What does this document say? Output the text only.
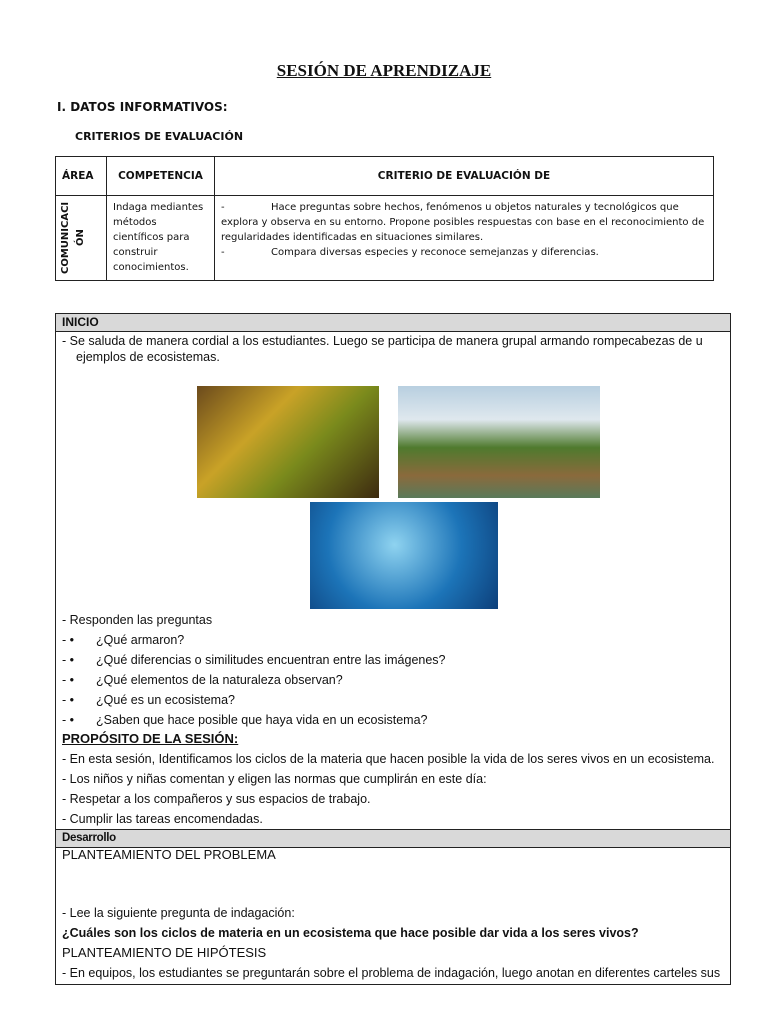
SESIÓN DE APRENDIZAJE
I. DATOS INFORMATIVOS:
CRITERIOS DE EVALUACIÓN
ÁREA	COMPETENCIA	CRITERIO DE EVALUACIÓN DE

COMUNICACIÓN	Indaga mediantes métodos científicos para construir conocimientos.	- Hace preguntas sobre hechos, fenómenos u objetos naturales y tecnológicos que explora y observa en su entorno. Propone posibles respuestas con base en el reconocimiento de regularidades identificadas en situaciones similares.
- Compara diversas especies y reconoce semejanzas y diferencias.
INICIO
- Se saluda de manera cordial a los estudiantes. Luego se participa de manera grupal armando rompecabezas de u ejemplos de ecosistemas.
- Responden las preguntas
- • ¿Qué armaron?
- • ¿Qué diferencias o similitudes encuentran entre las imágenes?
- • ¿Qué elementos de la naturaleza observan?
- • ¿Qué es un ecosistema?
- • ¿Saben que hace posible que haya vida en un ecosistema?
PROPÓSITO DE LA SESIÓN:
- En esta sesión, Identificamos los ciclos de la materia que hacen posible la vida de los seres vivos en un ecosistema.
- Los niños y niñas comentan y eligen las normas que cumplirán en este día:
- Respetar a los compañeros y sus espacios de trabajo.
- Cumplir las tareas encomendadas.
Desarrollo
PLANTEAMIENTO DEL PROBLEMA
- Lee la siguiente pregunta de indagación:
¿Cuáles son los ciclos de materia en un ecosistema que hace posible dar vida a los seres vivos?
PLANTEAMIENTO DE HIPÓTESIS
- En equipos, los estudiantes se preguntarán sobre el problema de indagación, luego anotan en diferentes carteles sus
